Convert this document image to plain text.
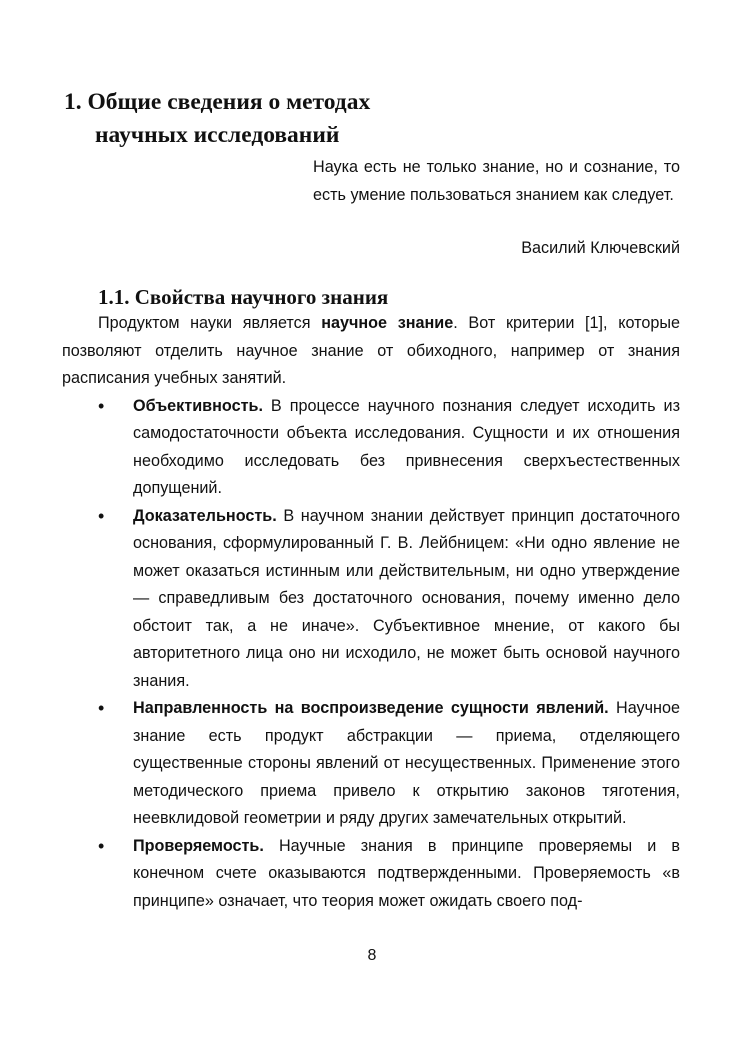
1. Общие сведения о методах
научных исследований

Наука есть не только знание, но и сознание, то есть умение пользоваться знанием как следует.

Василий Ключевский

1.1. Свойства научного знания

Продуктом науки является научное знание. Вот критерии [1], которые позволяют отделить научное знание от обиходного, например от знания расписания учебных занятий.

• Объективность. В процессе научного познания следует исходить из самодостаточности объекта исследования. Сущности и их отношения необходимо исследовать без привнесения сверхъестественных допущений.
• Доказательность. В научном знании действует принцип достаточного основания, сформулированный Г. В. Лейбницем: «Ни одно явление не может оказаться истинным или действительным, ни одно утверждение — справедливым без достаточного основания, почему именно дело обстоит так, а не иначе». Субъективное мнение, от какого бы авторитетного лица оно ни исходило, не может быть основой научного знания.
• Направленность на воспроизведение сущности явлений. Научное знание есть продукт абстракции — приема, отделяющего существенные стороны явлений от несущественных. Применение этого методического приема привело к открытию законов тяготения, неевклидовой геометрии и ряду других замечательных открытий.
• Проверяемость. Научные знания в принципе проверяемы и в конечном счете оказываются подтвержденными. Проверяемость «в принципе» означает, что теория может ожидать своего под-

8
